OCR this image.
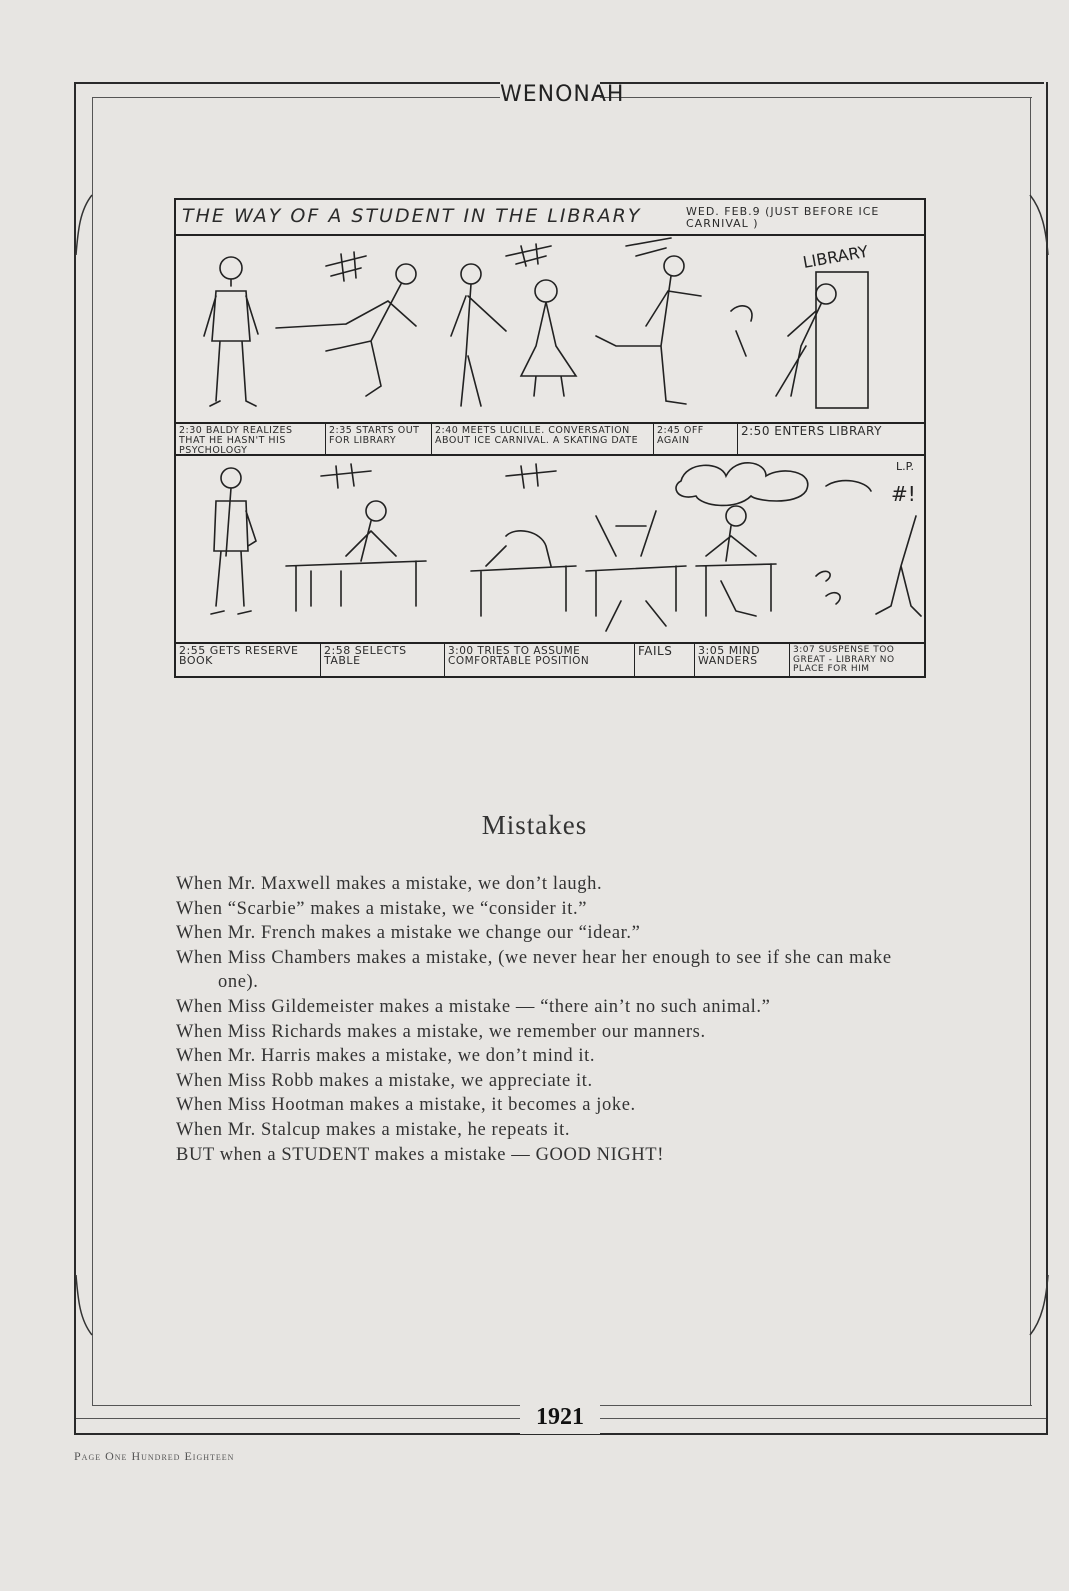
WENONAH
THE WAY OF A STUDENT IN THE LIBRARY	WED. FEB.9 (JUST BEFORE ICE CARNIVAL )
LIBRARY
2:30 BALDY REALIZES THAT HE HASN'T HIS PSYCHOLOGY
2:35 STARTS OUT FOR LIBRARY
2:40 MEETS LUCILLE. CONVERSATION ABOUT ICE CARNIVAL. A SKATING DATE
2:45 OFF AGAIN
2:50 ENTERS LIBRARY
#!
L.P.
2:55 GETS RESERVE BOOK
2:58 SELECTS TABLE
3:00 TRIES TO ASSUME COMFORTABLE POSITION
FAILS	3:05 MIND WANDERS
3:07 SUSPENSE TOO GREAT - LIBRARY NO PLACE FOR HIM
Mistakes
When Mr. Maxwell makes a mistake, we don’t laugh.
When “Scarbie” makes a mistake, we “consider it.”
When Mr. French makes a mistake we change our “idear.”
When Miss Chambers makes a mistake, (we never hear her enough to see if she can make one).
When Miss Gildemeister makes a mistake — “there ain’t no such animal.”
When Miss Richards makes a mistake, we remember our manners.
When Mr. Harris makes a mistake, we don’t mind it.
When Miss Robb makes a mistake, we appreciate it.
When Miss Hootman makes a mistake, it becomes a joke.
When Mr. Stalcup makes a mistake, he repeats it.
BUT when a STUDENT makes a mistake — GOOD NIGHT!
1921
Page One Hundred Eighteen
